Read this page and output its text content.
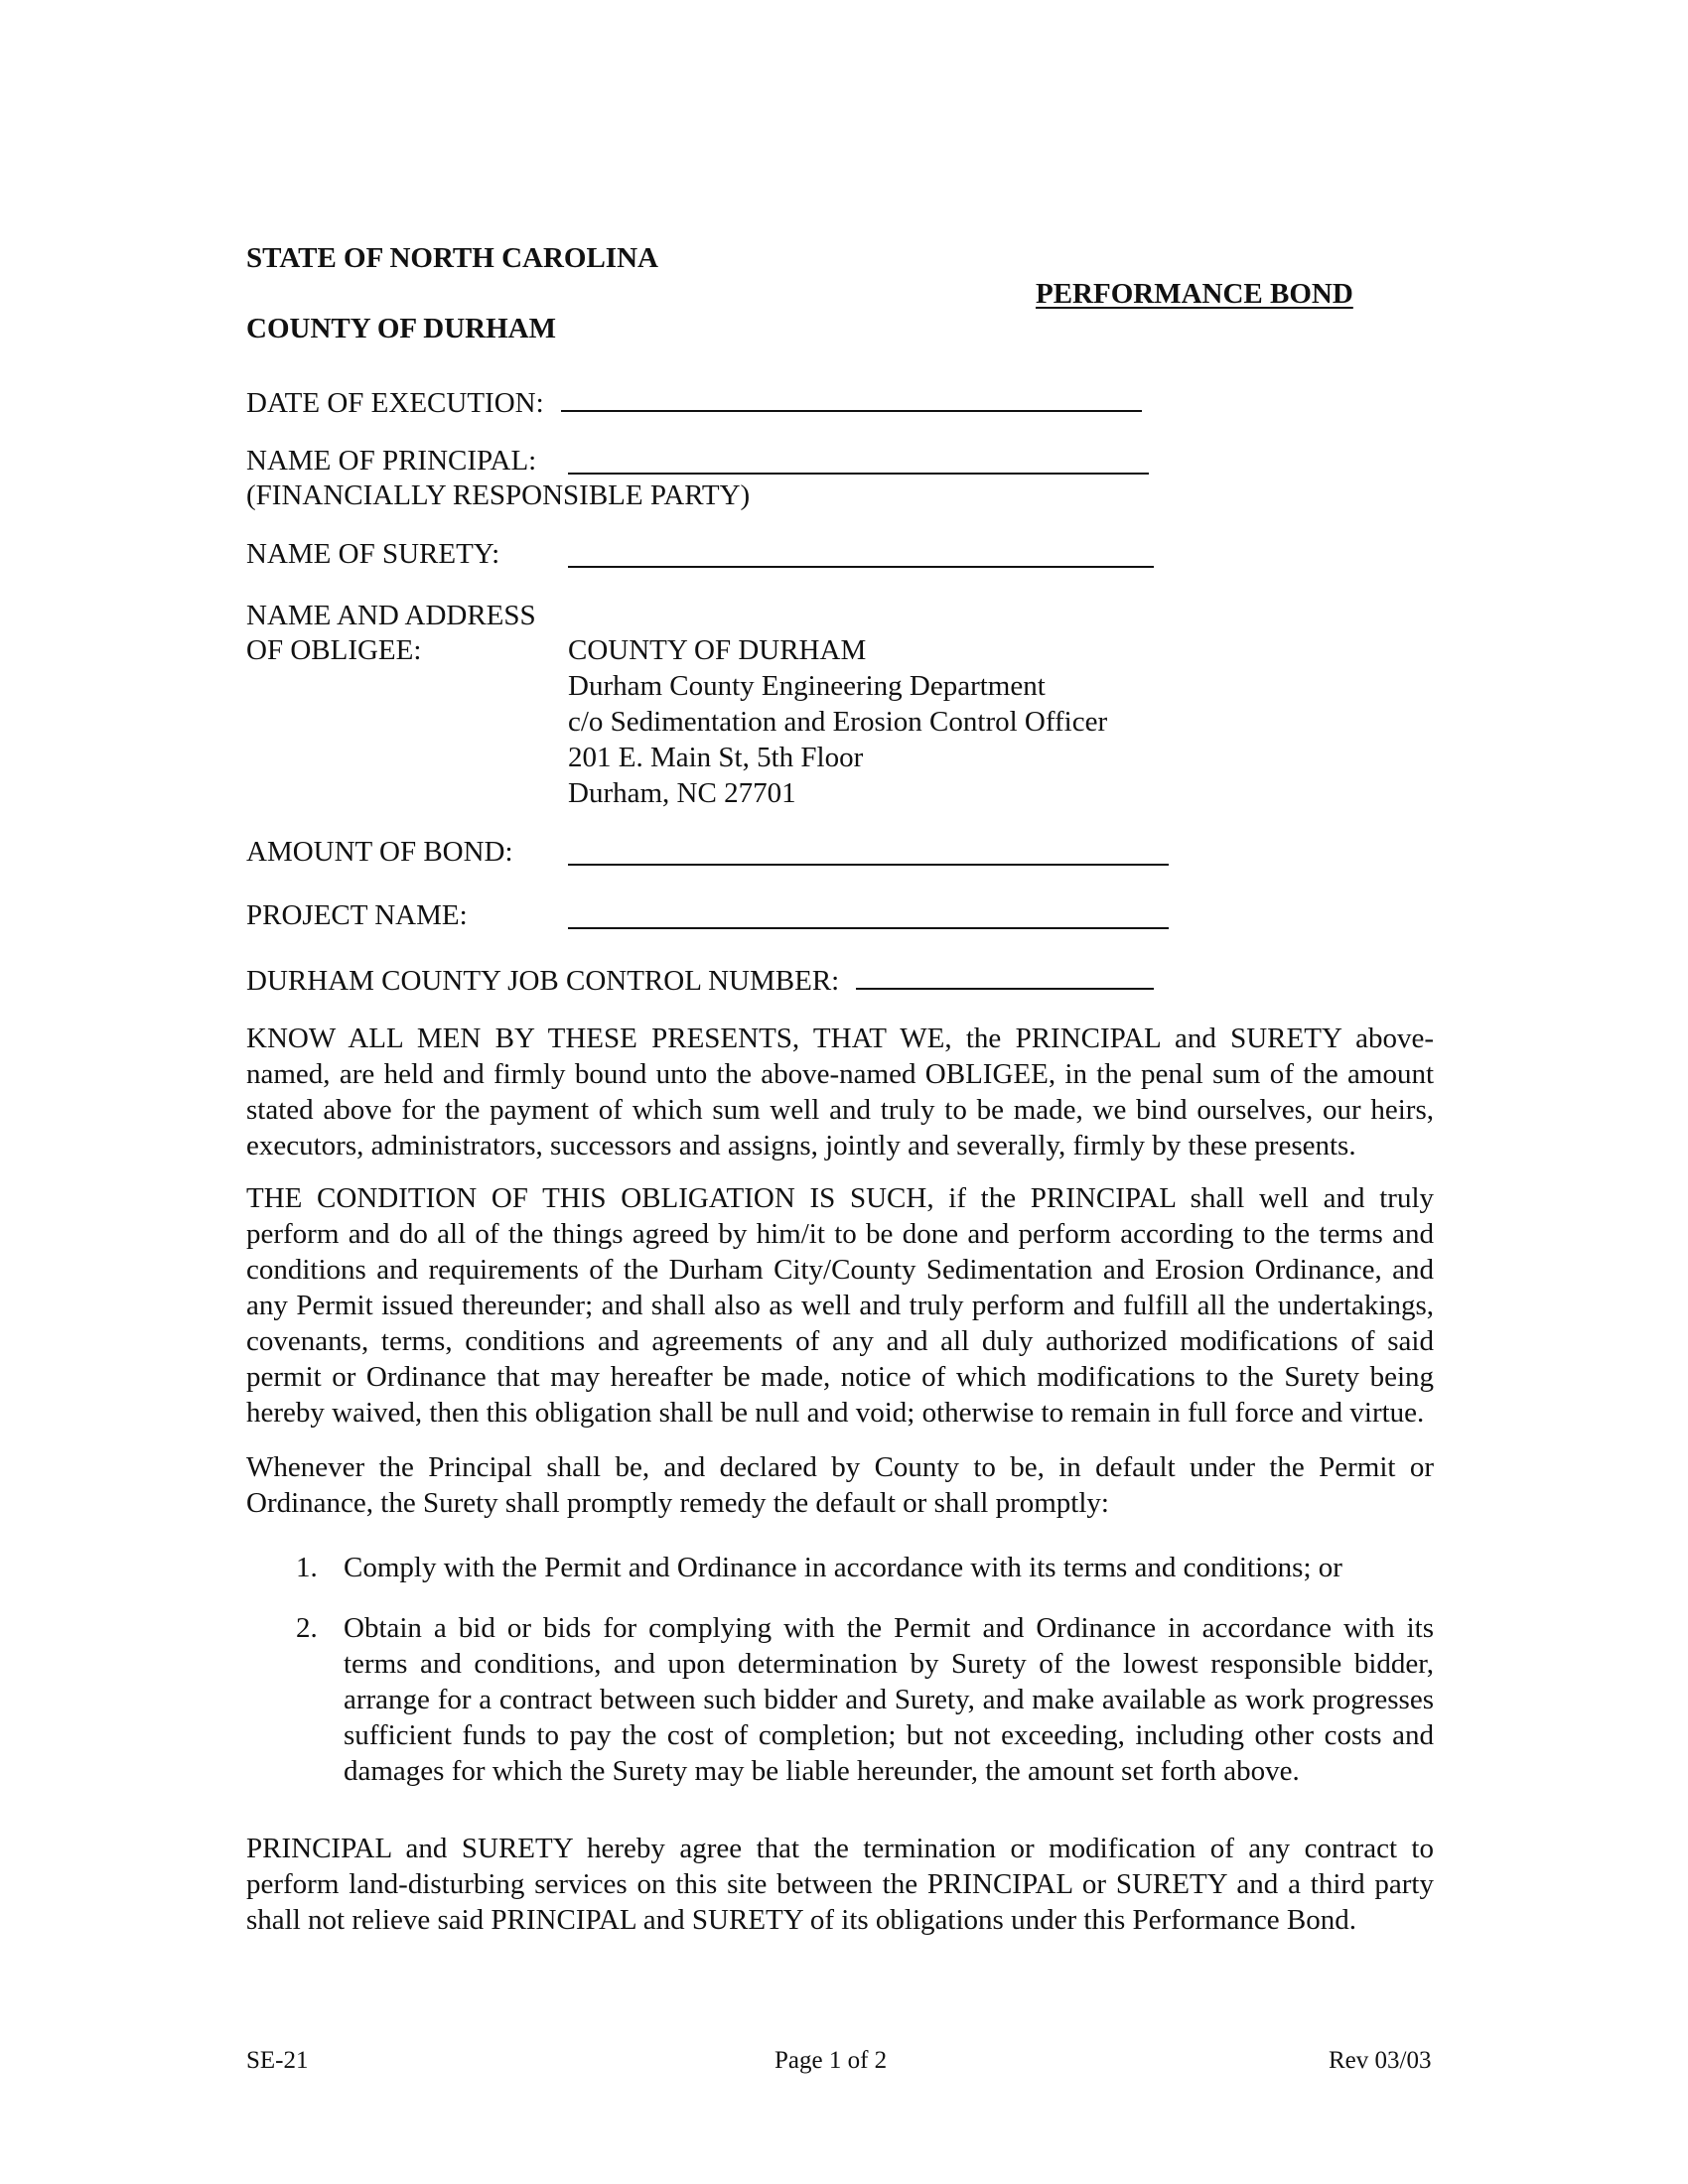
STATE OF NORTH CAROLINA
PERFORMANCE BOND
COUNTY OF DURHAM
DATE OF EXECUTION:
NAME OF PRINCIPAL:
(FINANCIALLY RESPONSIBLE PARTY)
NAME OF SURETY:
NAME AND ADDRESS
OF OBLIGEE:	COUNTY OF DURHAM
Durham County Engineering Department
c/o Sedimentation and Erosion Control Officer
201 E. Main St, 5th Floor
Durham, NC 27701
AMOUNT OF BOND:
PROJECT NAME:
DURHAM COUNTY JOB CONTROL NUMBER:
KNOW ALL MEN BY THESE PRESENTS, THAT WE, the PRINCIPAL and SURETY above-named, are held and firmly bound unto the above-named OBLIGEE, in the penal sum of the amount stated above for the payment of which sum well and truly to be made, we bind ourselves, our heirs, executors, administrators, successors and assigns, jointly and severally, firmly by these presents.
THE CONDITION OF THIS OBLIGATION IS SUCH, if the PRINCIPAL shall well and truly perform and do all of the things agreed by him/it to be done and perform according to the terms and conditions and requirements of the Durham City/County Sedimentation and Erosion Ordinance, and any Permit issued thereunder; and shall also as well and truly perform and fulfill all the undertakings, covenants, terms, conditions and agreements of any and all duly authorized modifications of said permit or Ordinance that may hereafter be made, notice of which modifications to the Surety being hereby waived, then this obligation shall be null and void; otherwise to remain in full force and virtue.
Whenever the Principal shall be, and declared by County to be, in default under the Permit or Ordinance, the Surety shall promptly remedy the default or shall promptly:
1. Comply with the Permit and Ordinance in accordance with its terms and conditions; or
2. Obtain a bid or bids for complying with the Permit and Ordinance in accordance with its terms and conditions, and upon determination by Surety of the lowest responsible bidder, arrange for a contract between such bidder and Surety, and make available as work progresses sufficient funds to pay the cost of completion; but not exceeding, including other costs and damages for which the Surety may be liable hereunder, the amount set forth above.
PRINCIPAL and SURETY hereby agree that the termination or modification of any contract to perform land-disturbing services on this site between the PRINCIPAL or SURETY and a third party shall not relieve said PRINCIPAL and SURETY of its obligations under this Performance Bond.
SE-21	Page 1 of 2	Rev 03/03
